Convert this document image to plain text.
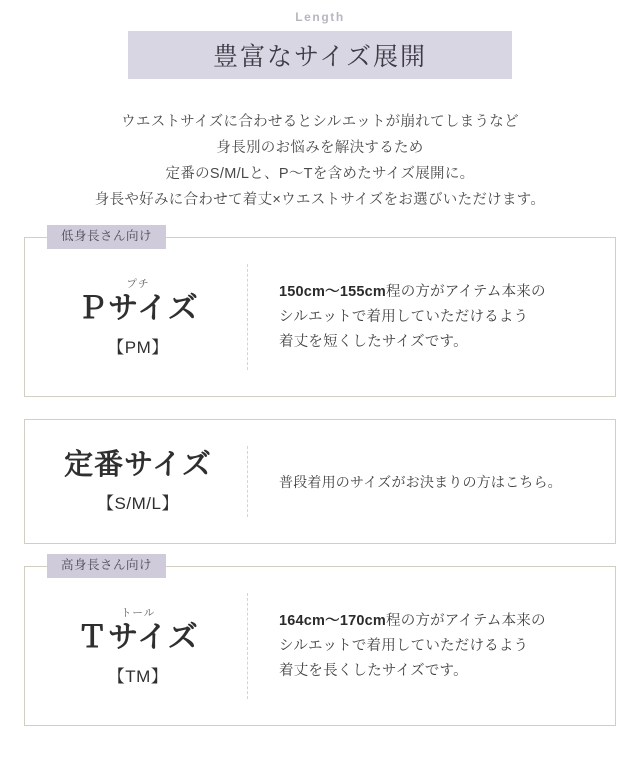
Length
豊富なサイズ展開
ウエストサイズに合わせるとシルエットが崩れてしまうなど
身長別のお悩みを解決するため
定番のS/M/Lと、P〜Tを含めたサイズ展開に。
身長や好みに合わせて着丈×ウエストサイズをお選びいただけます。
低身長さん向け
プチ
Ｐサイズ
【PM】
150cm〜155cm程の方がアイテム本来の
シルエットで着用していただけるよう
着丈を短くしたサイズです。
定番サイズ
【S/M/L】
普段着用のサイズがお決まりの方はこちら。
高身長さん向け
トール
Ｔサイズ
【TM】
164cm〜170cm程の方がアイテム本来の
シルエットで着用していただけるよう
着丈を長くしたサイズです。
